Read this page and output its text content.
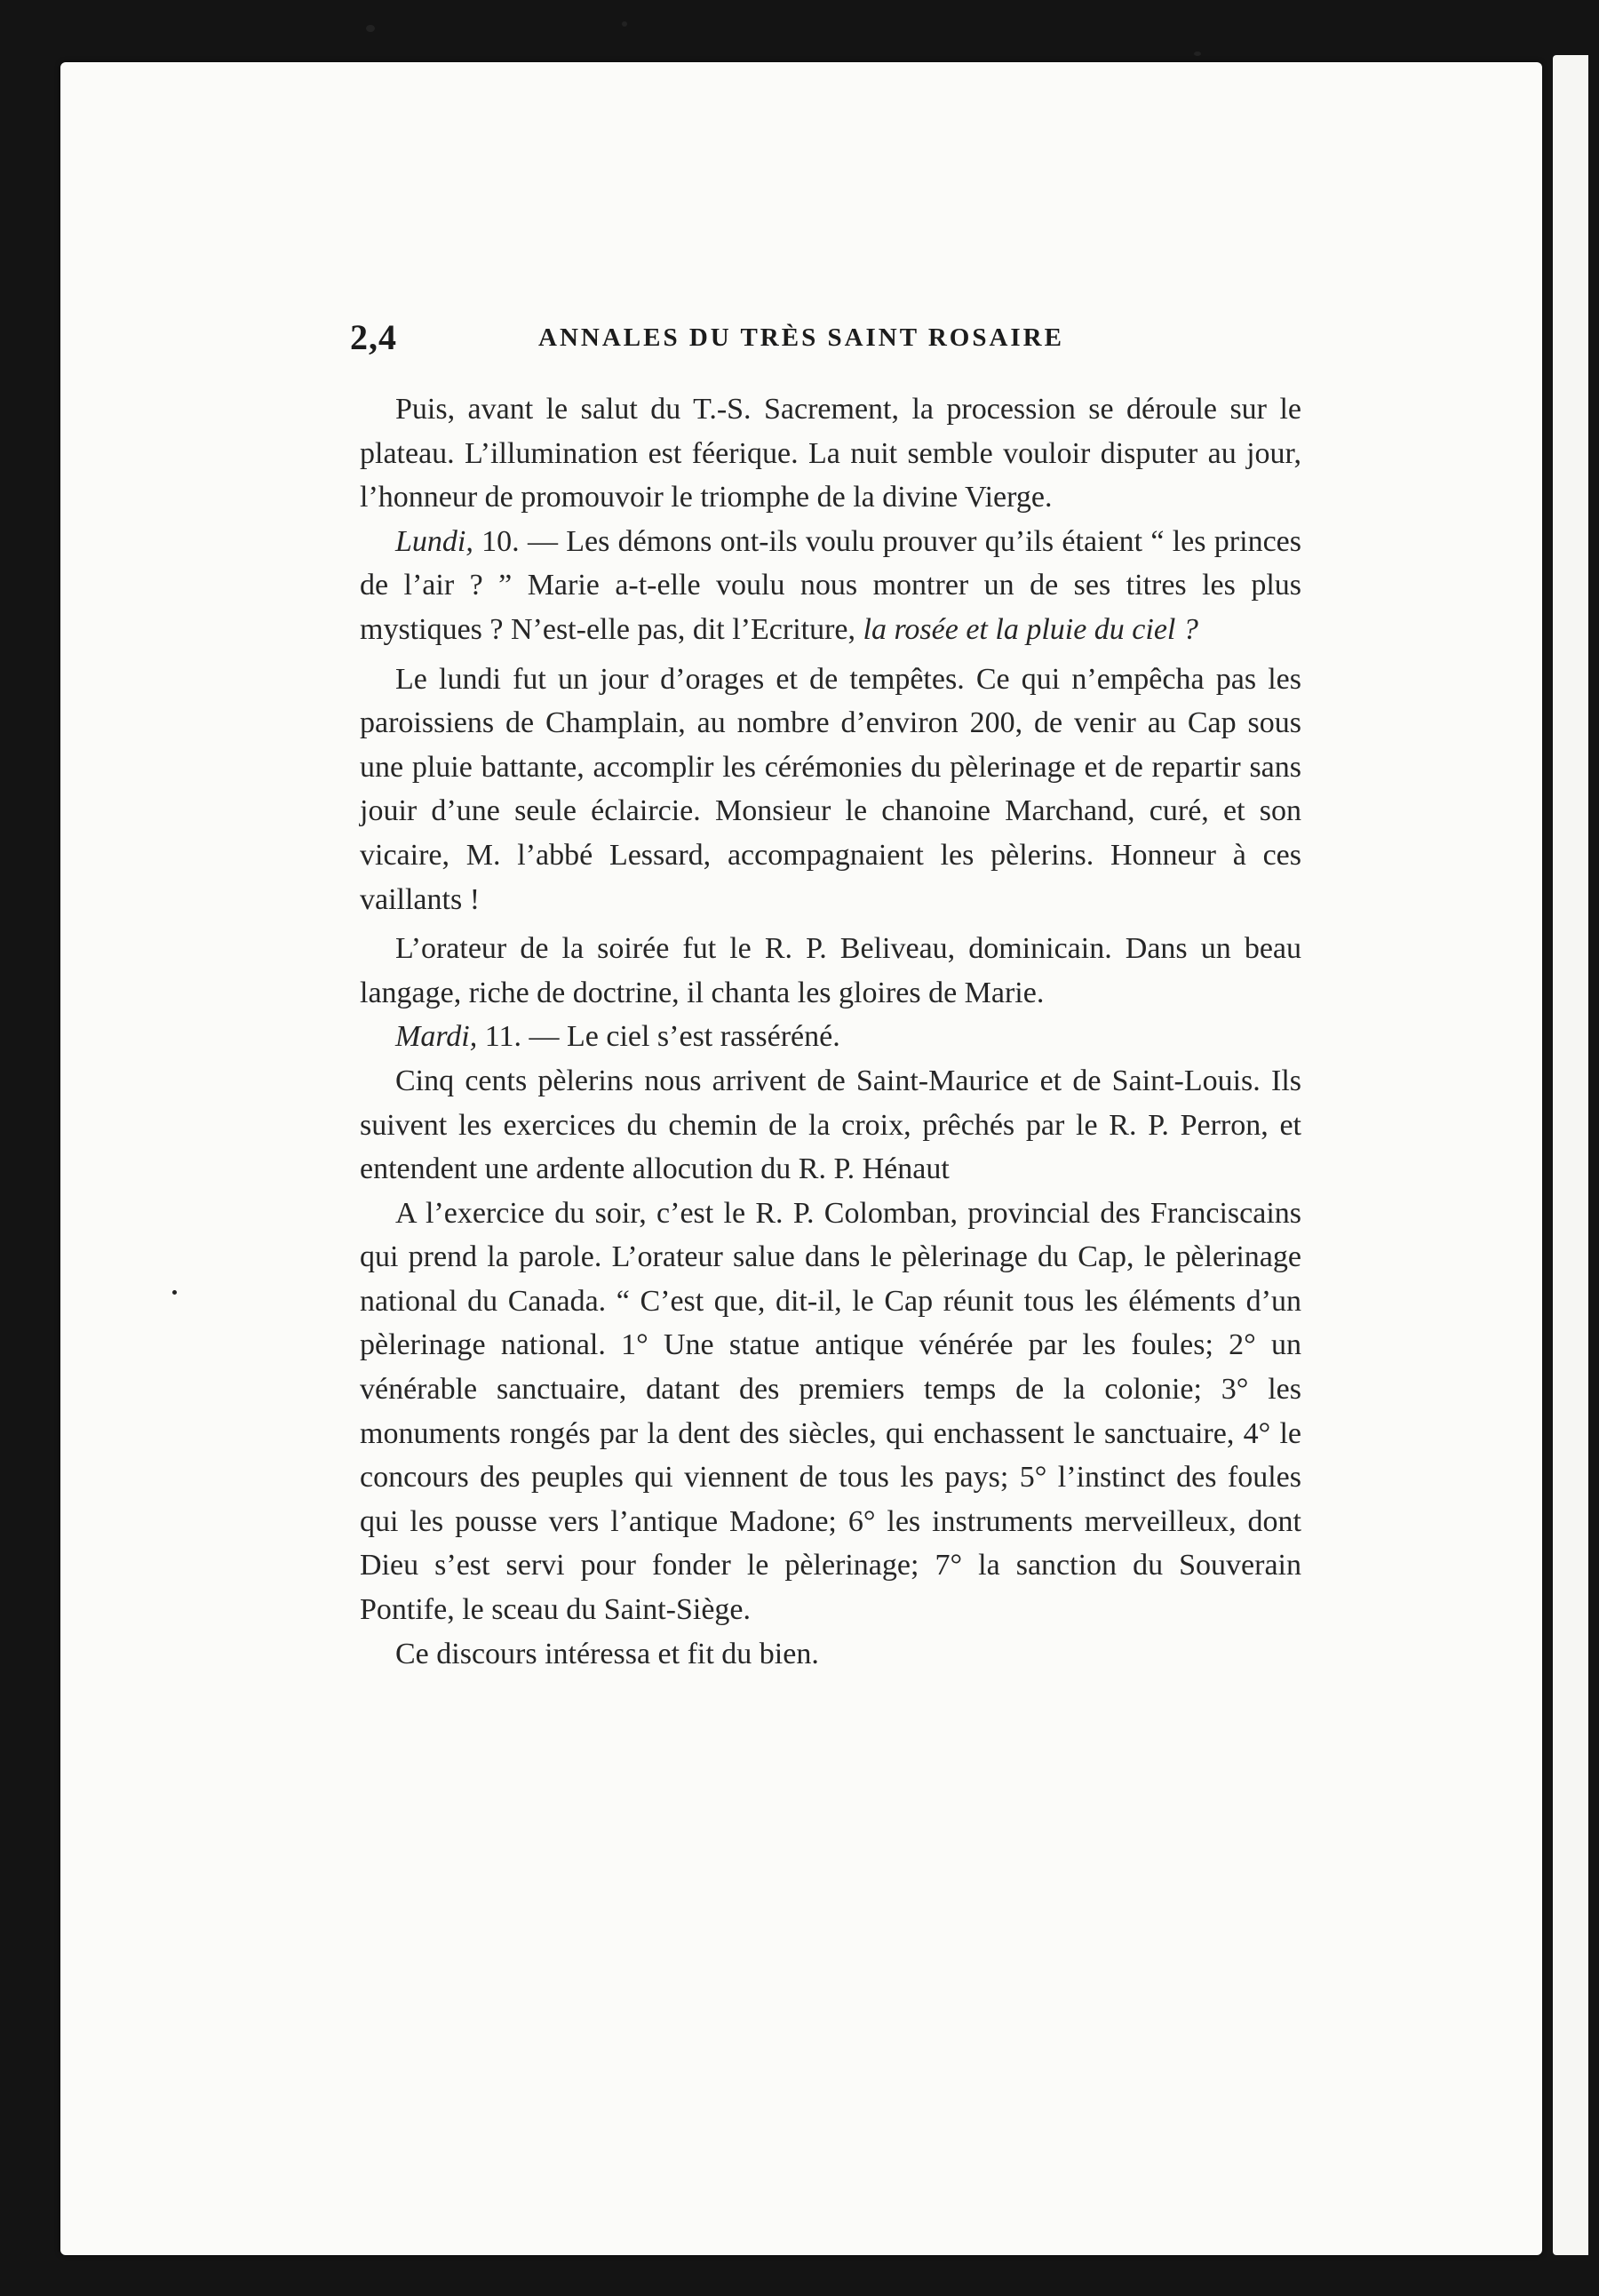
2,4	ANNALES DU TRÈS SAINT ROSAIRE

Puis, avant le salut du T.-S. Sacrement, la procession se déroule sur le plateau. L’illumination est féerique. La nuit semble vouloir disputer au jour, l’honneur de promouvoir le triomphe de la divine Vierge.

Lundi, 10. — Les démons ont-ils voulu prouver qu’ils étaient “ les princes de l’air ? ” Marie a-t-elle voulu nous montrer un de ses titres les plus mystiques ? N’est-elle pas, dit l’Ecriture, la rosée et la pluie du ciel ?

Le lundi fut un jour d’orages et de tempêtes. Ce qui n’empêcha pas les paroissiens de Champlain, au nombre d’environ 200, de venir au Cap sous une pluie battante, accomplir les cérémonies du pèlerinage et de repartir sans jouir d’une seule éclaircie. Monsieur le chanoine Marchand, curé, et son vicaire, M. l’abbé Lessard, accompagnaient les pèlerins. Honneur à ces vaillants !

L’orateur de la soirée fut le R. P. Beliveau, dominicain. Dans un beau langage, riche de doctrine, il chanta les gloires de Marie.

Mardi, 11. — Le ciel s’est rasséréné.

Cinq cents pèlerins nous arrivent de Saint-Maurice et de Saint-Louis. Ils suivent les exercices du chemin de la croix, prêchés par le R. P. Perron, et entendent une ardente allocution du R. P. Hénaut

A l’exercice du soir, c’est le R. P. Colomban, provincial des Franciscains qui prend la parole. L’orateur salue dans le pèlerinage du Cap, le pèlerinage national du Canada. “ C’est que, dit-il, le Cap réunit tous les éléments d’un pèlerinage national. 1° Une statue antique vénérée par les foules; 2° un vénérable sanctuaire, datant des premiers temps de la colonie; 3° les monuments rongés par la dent des siècles, qui enchassent le sanctuaire, 4° le concours des peuples qui viennent de tous les pays; 5° l’instinct des foules qui les pousse vers l’antique Madone; 6° les instruments merveilleux, dont Dieu s’est servi pour fonder le pèlerinage; 7° la sanction du Souverain Pontife, le sceau du Saint-Siège.

Ce discours intéressa et fit du bien.
